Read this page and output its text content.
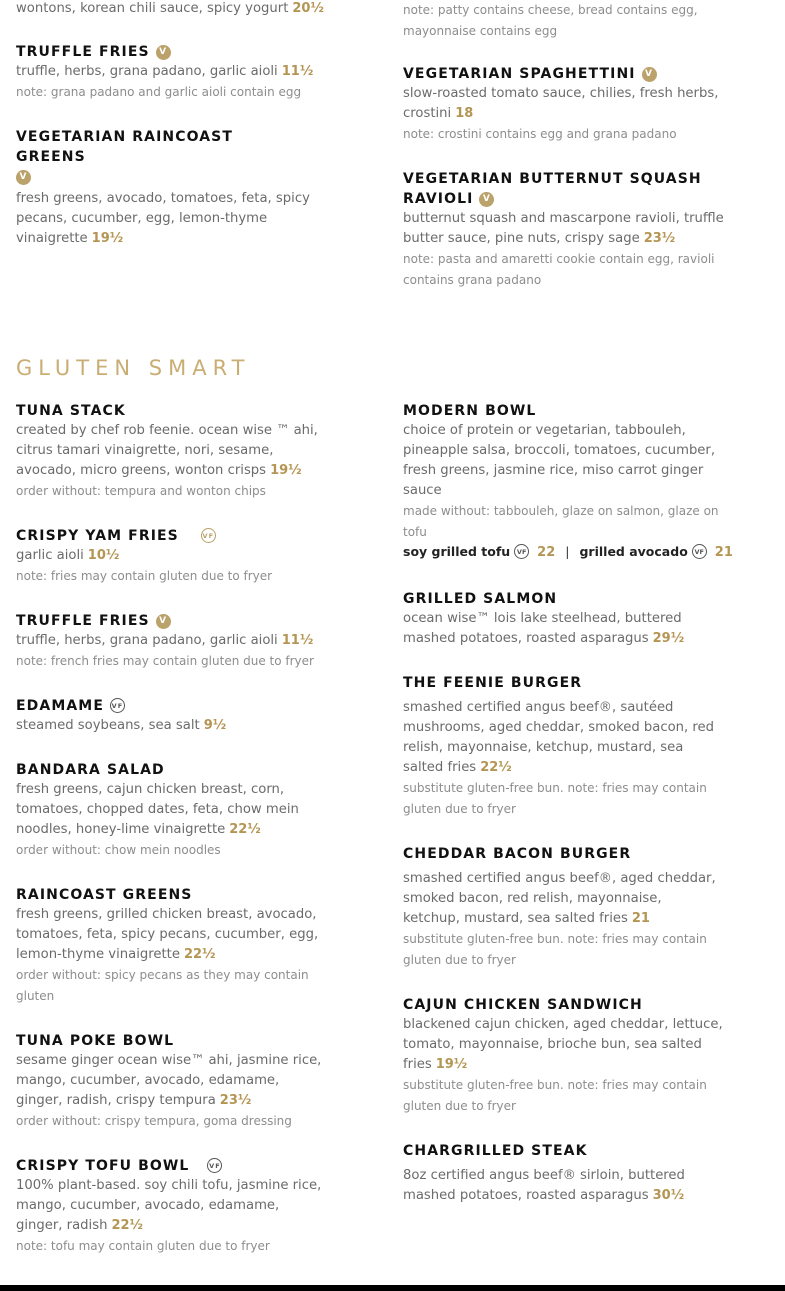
wontons, korean chili sauce, spicy yogurt 20½
TRUFFLE FRIES V
truffle, herbs, grana padano, garlic aioli 11½
note: grana padano and garlic aioli contain egg
VEGETARIAN RAINCOAST GREENS
V
fresh greens, avocado, tomatoes, feta, spicy pecans, cucumber, egg, lemon-thyme vinaigrette 19½
note: patty contains cheese, bread contains egg, mayonnaise contains egg
VEGETARIAN SPAGHETTINI V
slow-roasted tomato sauce, chilies, fresh herbs, crostini 18
note: crostini contains egg and grana padano
VEGETARIAN BUTTERNUT SQUASH RAVIOLI V
butternut squash and mascarpone ravioli, truffle butter sauce, pine nuts, crispy sage 23½
note: pasta and amaretti cookie contain egg, ravioli contains grana padano
GLUTEN SMART
TUNA STACK
created by chef rob feenie. ocean wise ™ ahi, citrus tamari vinaigrette, nori, sesame, avocado, micro greens, wonton crisps 19½
order without: tempura and wonton chips
CRISPY YAM FRIES	VF
garlic aioli 10½
note: fries may contain gluten due to fryer
TRUFFLE FRIES V
truffle, herbs, grana padano, garlic aioli 11½
note: french fries may contain gluten due to fryer
EDAMAME VF
steamed soybeans, sea salt 9½
BANDARA SALAD
fresh greens, cajun chicken breast, corn, tomatoes, chopped dates, feta, chow mein noodles, honey-lime vinaigrette 22½
order without: chow mein noodles
RAINCOAST GREENS
fresh greens, grilled chicken breast, avocado, tomatoes, feta, spicy pecans, cucumber, egg, lemon-thyme vinaigrette 22½
order without: spicy pecans as they may contain gluten
TUNA POKE BOWL
sesame ginger ocean wise™ ahi, jasmine rice, mango, cucumber, avocado, edamame, ginger, radish, crispy tempura 23½
order without: crispy tempura, goma dressing
CRISPY TOFU BOWL	VF
100% plant-based. soy chili tofu, jasmine rice, mango, cucumber, avocado, edamame, ginger, radish 22½
note: tofu may contain gluten due to fryer
MODERN BOWL
choice of protein or vegetarian, tabbouleh, pineapple salsa, broccoli, tomatoes, cucumber, fresh greens, jasmine rice, miso carrot ginger sauce
made without: tabbouleh, glaze on salmon, glaze on tofu
soy grilled tofu VF 22 | grilled avocado VF 21
GRILLED SALMON
ocean wise™ lois lake steelhead, buttered mashed potatoes, roasted asparagus 29½
THE FEENIE BURGER
smashed certified angus beef®, sautéed mushrooms, aged cheddar, smoked bacon, red relish, mayonnaise, ketchup, mustard, sea salted fries 22½
substitute gluten-free bun. note: fries may contain gluten due to fryer
CHEDDAR BACON BURGER
smashed certified angus beef®, aged cheddar, smoked bacon, red relish, mayonnaise, ketchup, mustard, sea salted fries 21
substitute gluten-free bun. note: fries may contain gluten due to fryer
CAJUN CHICKEN SANDWICH
blackened cajun chicken, aged cheddar, lettuce, tomato, mayonnaise, brioche bun, sea salted fries 19½
substitute gluten-free bun. note: fries may contain gluten due to fryer
CHARGRILLED STEAK
8oz certified angus beef® sirloin, buttered mashed potatoes, roasted asparagus 30½
